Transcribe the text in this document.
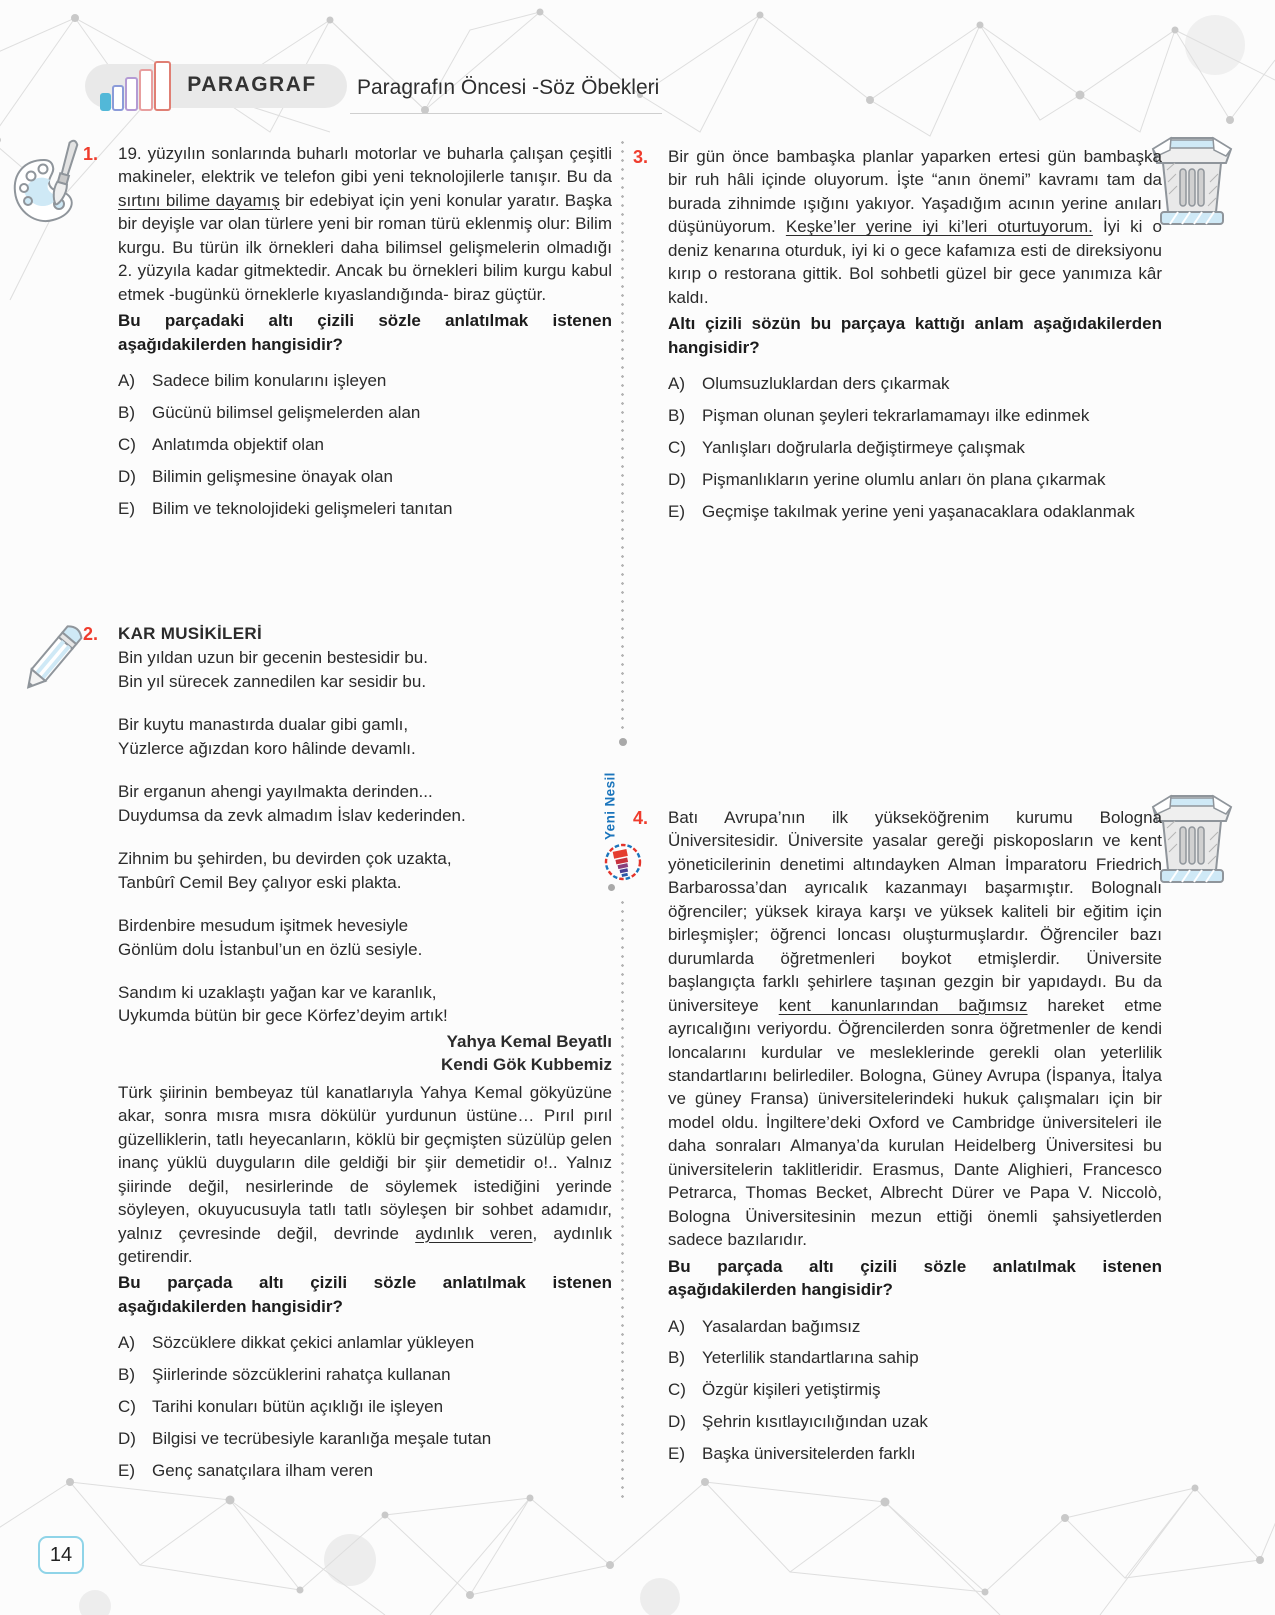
PARAGRAF	Paragrafın Öncesi -Söz Öbekleri
Yeni Nesil
1. 19. yüzyılın sonlarında buharlı motorlar ve buharla çalışan çeşitli makineler, elektrik ve telefon gibi yeni teknolojilerle tanışır. Bu da sırtını bilime dayamış bir edebiyat için yeni konular yaratır. Başka bir deyişle var olan türlere yeni bir roman türü eklenmiş olur: Bilim kurgu. Bu türün ilk örnekleri daha bilimsel gelişmelerin olmadığı 2. yüzyıla kadar gitmektedir. Ancak bu örnekleri bilim kurgu kabul etmek -bugünkü örneklerle kıyaslandığında- biraz güçtür.

Bu parçadaki altı çizili sözle anlatılmak istenen aşağıdakilerden hangisidir?

A)	Sadece bilim konularını işleyen
B)	Gücünü bilimsel gelişmelerden alan
C) Anlatımda objektif olan
D) Bilimin gelişmesine önayak olan
E)	Bilim ve teknolojideki gelişmeleri tanıtan
2. KAR MUSİKİLERİ

Bin yıldan uzun bir gecenin bestesidir bu.
Bin yıl sürecek zannedilen kar sesidir bu.
Bir kuytu manastırda dualar gibi gamlı,
Yüzlerce ağızdan koro hâlinde devamlı.
Bir erganun ahengi yayılmakta derinden...
Duydumsa da zevk almadım İslav kederinden.
Zihnim bu şehirden, bu devirden çok uzakta,
Tanbûrî Cemil Bey çalıyor eski plakta.
Birdenbire mesudum işitmek hevesiyle
Gönlüm dolu İstanbul’un en özlü sesiyle.
Sandım ki uzaklaştı yağan kar ve karanlık,
Uykumda bütün bir gece Körfez’deyim artık!
Yahya Kemal Beyatlı
Kendi Gök Kubbemiz

Türk şiirinin bembeyaz tül kanatlarıyla Yahya Kemal gökyüzüne akar, sonra mısra mısra dökülür yurdunun üstüne… Pırıl pırıl güzelliklerin, tatlı heyecanların, köklü bir geçmişten süzülüp gelen inanç yüklü duyguların dile geldiği bir şiir demetidir o!.. Yalnız şiirinde değil, nesirlerinde de söylemek istediğini yerinde söyleyen, okuyucusuyla tatlı tatlı söyleşen bir sohbet adamıdır, yalnız çevresinde değil, devrinde aydınlık veren, aydınlık getirendir.

Bu parçada altı çizili sözle anlatılmak istenen aşağıdakilerden hangisidir?

A)	Sözcüklere dikkat çekici anlamlar yükleyen
B)	Şiirlerinde sözcüklerini rahatça kullanan
C) Tarihi konuları bütün açıklığı ile işleyen
D) Bilgisi ve tecrübesiyle karanlığa meşale tutan
E)	Genç sanatçılara ilham veren
3. Bir gün önce bambaşka planlar yaparken ertesi gün bambaşka bir ruh hâli içinde oluyorum. İşte “anın önemi” kavramı tam da burada zihnimde ışığını yakıyor. Yaşadığım acının yerine anıları düşünüyorum. Keşke’ler yerine iyi ki’leri oturtuyorum. İyi ki o deniz kenarına oturduk, iyi ki o gece kafamıza esti de direksiyonu kırıp o restorana gittik. Bol sohbetli güzel bir gece yanımıza kâr kaldı.

Altı çizili sözün bu parçaya kattığı anlam aşağıdakilerden hangisidir?

A)	Olumsuzluklardan ders çıkarmak
B)	Pişman olunan şeyleri tekrarlamamayı ilke edinmek
C) Yanlışları doğrularla değiştirmeye çalışmak
D) Pişmanlıkların yerine olumlu anları ön plana çıkarmak
E)	Geçmişe takılmak yerine yeni yaşanacaklara odaklanmak
4. Batı Avrupa’nın ilk yükseköğrenim kurumu Bologna Üniversitesidir. Üniversite yasalar gereği piskoposların ve kent yöneticilerinin denetimi altındayken Alman İmparatoru Friedrich Barbarossa’dan ayrıcalık kazanmayı başarmıştır. Bolognalı öğrenciler; yüksek kiraya karşı ve yüksek kaliteli bir eğitim için birleşmişler; öğrenci loncası oluşturmuşlardır. Öğrenciler bazı durumlarda öğretmenleri boykot etmişlerdir. Üniversite başlangıçta farklı şehirlere taşınan gezgin bir yapıdaydı. Bu da üniversiteye kent kanunlarından bağımsız hareket etme ayrıcalığını veriyordu. Öğrencilerden sonra öğretmenler de kendi loncalarını kurdular ve mesleklerinde gerekli olan yeterlilik standartlarını belirlediler. Bologna, Güney Avrupa (İspanya, İtalya ve güney Fransa) üniversitelerindeki hukuk çalışmaları için bir model oldu. İngiltere’deki Oxford ve Cambridge üniversiteleri ile daha sonraları Almanya’da kurulan Heidelberg Üniversitesi bu üniversitelerin taklitleridir. Erasmus, Dante Alighieri, Francesco Petrarca, Thomas Becket, Albrecht Dürer ve Papa V. Niccolò, Bologna Üniversitesinin mezun ettiği önemli şahsiyetlerden sadece bazılarıdır.

Bu parçada altı çizili sözle anlatılmak istenen aşağıdakilerden hangisidir?

A)	Yasalardan bağımsız
B)	Yeterlilik standartlarına sahip
C) Özgür kişileri yetiştirmiş
D) Şehrin kısıtlayıcılığından uzak
E)	Başka üniversitelerden farklı
14
